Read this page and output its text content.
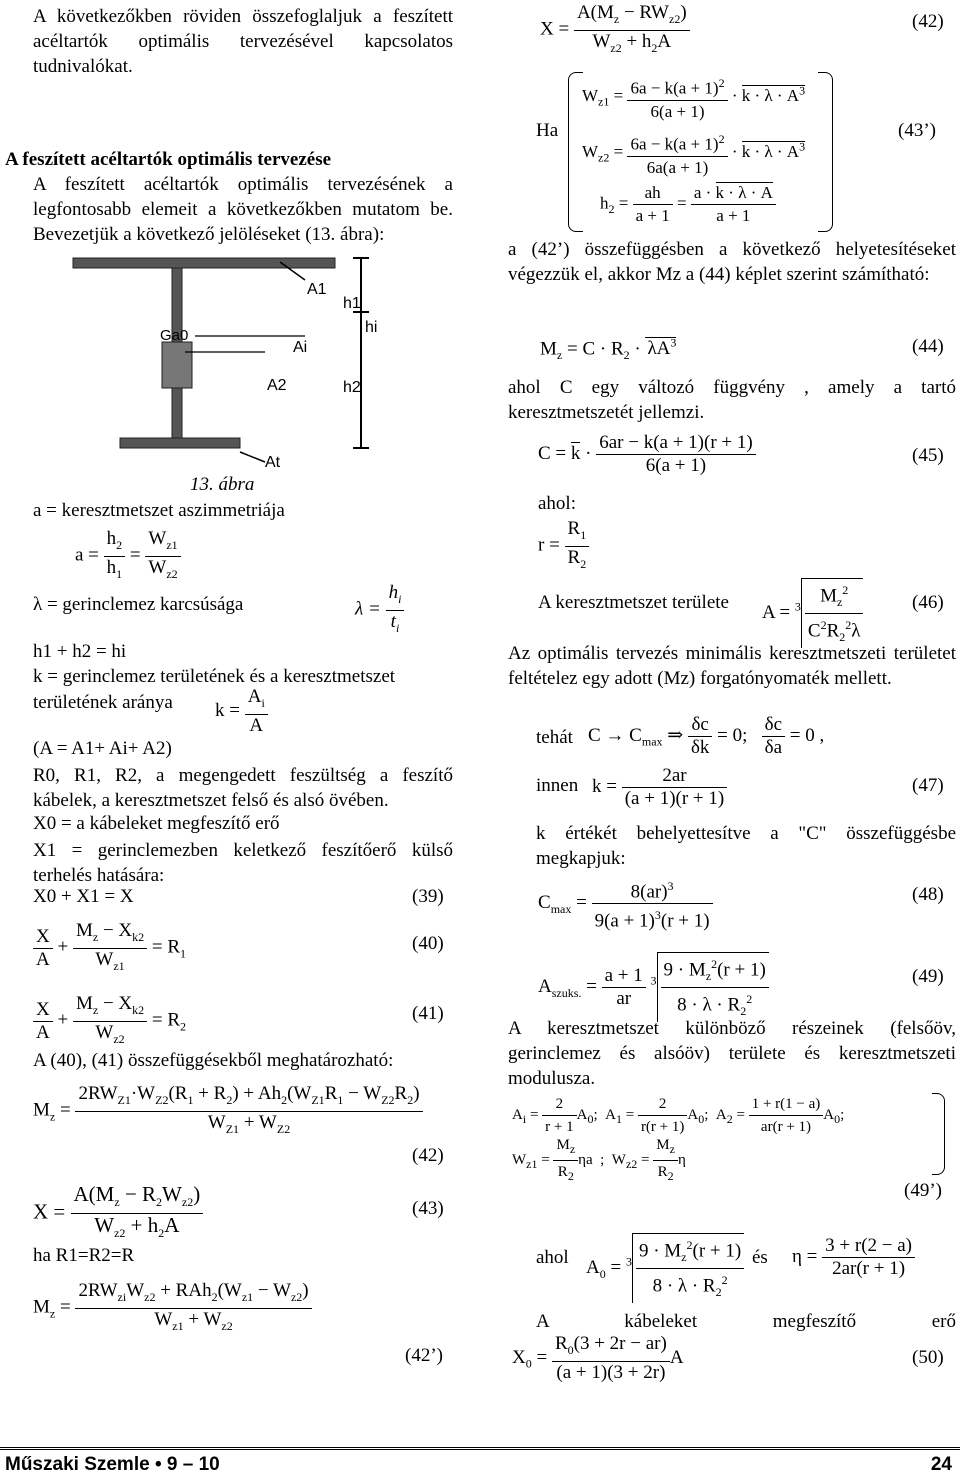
A következőkben röviden összefoglaljuk a feszített acéltartók optimális tervezésével kapcsolatos tudnivalókat.
A feszített acéltartók optimális tervezése
A feszített acéltartók optimális tervezésének a legfontosabb elemeit a következőkben mutatom be. Bevezetjük a következő jelöléseket (13. ábra):
A1
h1
Ga0
Ai
hi
h2
A2
At
13. ábra
a = keresztmetszet aszimmetriája
$a = \frac{h_2}{h_1} = \frac{W_{z1}}{W_{z2}}$
λ = gerinclemez karcsúsága	$\lambda = \frac{h_i}{t_i}$
h1 + h2 = hi
k = gerinclemez területének és a keresztmetszet
területének aránya $k = \frac{A_i}{A}$
(A = A1+ Ai+ A2)
R0, R1, R2, a megengedett feszültség a feszítő kábelek, a keresztmetszet felső és alsó övében.
X0 = a kábeleket megfeszítő erő
X1 = gerinclemezben keletkező feszítőerő külső terhelés hatására:
X0 + X1 = X	(39)
$\frac{X}{A} + \frac{M_z - X_{k2}}{W_{z1}} = R_1$	(40)
$\frac{X}{A} + \frac{M_z - X_{k2}}{W_{z2}} = R_2$
(41)
A (40), (41) összefüggésekből meghatározható:
$M_z = \frac{2RW_{Z1}\cdot W_{Z2}(R_1 + R_2) + Ah_2(W_{Z1}R_1 - W_{Z2}R_2)}{W_{Z1} + W_{Z2}}$
(42)
$X = \frac{A(M_z - R_2W_{z2})}{W_{z2} + h_2A}$	(43)
ha R1=R2=R
$M_z = \frac{2RW_{zi}W_{z2} + RAh_2(W_{z1} - W_{z2})}{W_{z1} + W_{z2}}$
(42’)
$X = \frac{A(M_z - RW_{z2})}{W_{z2} + h_2A}$	(42)
Ha
$W_{z1} = \frac{6a - k(a + 1)^2}{6(a + 1)} \cdot k \cdot \lambda \cdot A^3$
$W_{z2} = \frac{6a - k(a + 1)^2}{6a(a + 1)} \cdot k \cdot \lambda \cdot A^3$
$h_2 = \frac{ah}{a + 1} = \frac{a \cdot k \cdot \lambda \cdot A}{a + 1}$
(43’)
a (42’) összefüggésben a következő helyetesítéseket végezzük el, akkor Mz a (44) képlet szerint számítható:
$M_z = C \cdot R_2 \cdot \lambda A^3$	(44)
ahol C egy változó függvény , amely a tartó keresztmetszetét jellemzi.
$C = k \cdot \frac{6ar - k(a + 1)(r + 1)}{6(a + 1)}$	(45)
ahol:
$r = \frac{R_1}{R_2}$
A keresztmetszet területe $A = ^3 \frac{M_z^2}{C^2R_2^2\lambda}$	(46)
Az optimális tervezés minimális keresztmetszeti területet feltételez egy adott (Mz) forgatónyomaték mellett.
tehát $C \to C_{max}$ ⇒ $\frac{\delta c}{\delta k} = 0$; $\frac{\delta c}{\delta a} = 0$ ,
innen $k = \frac{2ar}{(a + 1)(r + 1)}$	(47)
k értékét behelyettesítve a "C" összefüggésbe megkapjuk:
$C_{max} = \frac{8(ar)^3}{9(a + 1)^3(r + 1)}$	(48)
$A_{szuks.} = \frac{a + 1}{ar} ^3 \frac{9 \cdot M_z^2(r + 1)}{8 \cdot \lambda \cdot R_2^2}$	(49)
A keresztmetszet különböző részeinek (felsőöv, gerinclemez és alsóöv) területe és keresztmetszeti modulusza.
$A_i = \frac{2}{r + 1} A_0$;  $A_1 = \frac{2}{r(r + 1)} A_0$;  $A_2 = \frac{1 + r(1 - a)}{ar(r + 1)} A_0$;
$W_{z1} = \frac{M_z}{R_2}$ ηa  ;  $W_{z2} = \frac{M_z}{R_2}$ η
(49’)
ahol $A_0 = ^3 \frac{9 \cdot M_z^2(r + 1)}{8 \cdot \lambda \cdot R_2^2}$ és $\eta = \frac{3 + r(2 - a)}{2ar(r + 1)}$
A kábeleket megfeszítő erő
$X_0 = \frac{R_0(3 + 2r - ar)}{(a + 1)(3 + 2r)}$ A	(50)
Műszaki Szemle • 9 – 10	24
